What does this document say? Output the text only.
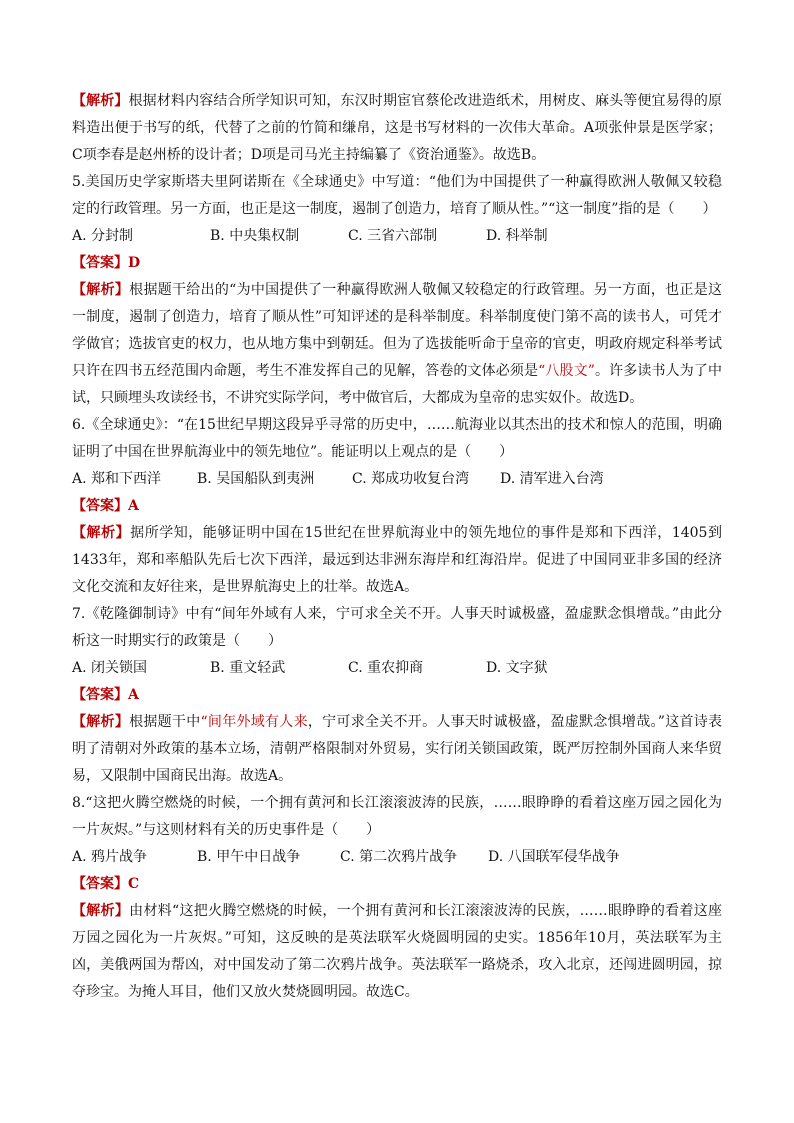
【解析】根据材料内容结合所学知识可知，东汉时期宦官蔡伦改进造纸术，用树皮、麻头等便宜易得的原料造出便于书写的纸，代替了之前的竹简和缣帛，这是书写材料的一次伟大革命。A项张仲景是医学家；C项李春是赵州桥的设计者；D项是司马光主持编纂了《资治通鉴》。故选B。

5.美国历史学家斯塔夫里阿诺斯在《全球通史》中写道：“他们为中国提供了一种赢得欧洲人敬佩又较稳定的行政管理。另一方面，也正是这一制度，遏制了创造力，培育了顺从性。”“这一制度”指的是（　　）

A. 分封制	B. 中央集权制	C. 三省六部制	D. 科举制
【答案】D

【解析】根据题干给出的“为中国提供了一种赢得欧洲人敬佩又较稳定的行政管理。另一方面，也正是这一制度，遏制了创造力，培育了顺从性”可知评述的是科举制度。科举制度使门第不高的读书人，可凭才学做官；选拔官吏的权力，也从地方集中到朝廷。但为了选拔能听命于皇帝的官吏，明政府规定科举考试只许在四书五经范围内命题，考生不准发挥自己的见解，答卷的文体必须是“八股文”。许多读书人为了中试，只顾埋头攻读经书，不讲究实际学问，考中做官后，大都成为皇帝的忠实奴仆。故选D。

6.《全球通史》：“在15世纪早期这段异乎寻常的历史中，……航海业以其杰出的技术和惊人的范围，明确证明了中国在世界航海业中的领先地位”。能证明以上观点的是（　　）

A. 郑和下西洋	B. 吴国船队到夷洲	C. 郑成功收复台湾	D. 清军进入台湾
【答案】A

【解析】据所学知，能够证明中国在15世纪在世界航海业中的领先地位的事件是郑和下西洋，1405到1433年，郑和率船队先后七次下西洋，最远到达非洲东海岸和红海沿岸。促进了中国同亚非多国的经济文化交流和友好往来，是世界航海史上的壮举。故选A。

7.《乾隆御制诗》中有“间年外域有人来，宁可求全关不开。人事天时诚极盛，盈虚默念惧增哉。”由此分析这一时期实行的政策是（　　）

A. 闭关锁国	B. 重文轻武	C. 重农抑商	D. 文字狱
【答案】A

【解析】根据题干中“间年外域有人来，宁可求全关不开。人事天时诚极盛，盈虚默念惧增哉。”这首诗表明了清朝对外政策的基本立场，清朝严格限制对外贸易，实行闭关锁国政策，既严厉控制外国商人来华贸易，又限制中国商民出海。故选A。

8.“这把火腾空燃烧的时候，一个拥有黄河和长江滚滚波涛的民族，……眼睁睁的看着这座万园之园化为一片灰烬。”与这则材料有关的历史事件是（　　）

A. 鸦片战争	B. 甲午中日战争	C. 第二次鸦片战争	D. 八国联军侵华战争
【答案】C

【解析】由材料“这把火腾空燃烧的时候，一个拥有黄河和长江滚滚波涛的民族，……眼睁睁的看着这座万园之园化为一片灰烬。”可知，这反映的是英法联军火烧圆明园的史实。1856年10月，英法联军为主凶，美俄两国为帮凶，对中国发动了第二次鸦片战争。英法联军一路烧杀，攻入北京，还闯进圆明园，掠夺珍宝。为掩人耳目，他们又放火焚烧圆明园。故选C。
